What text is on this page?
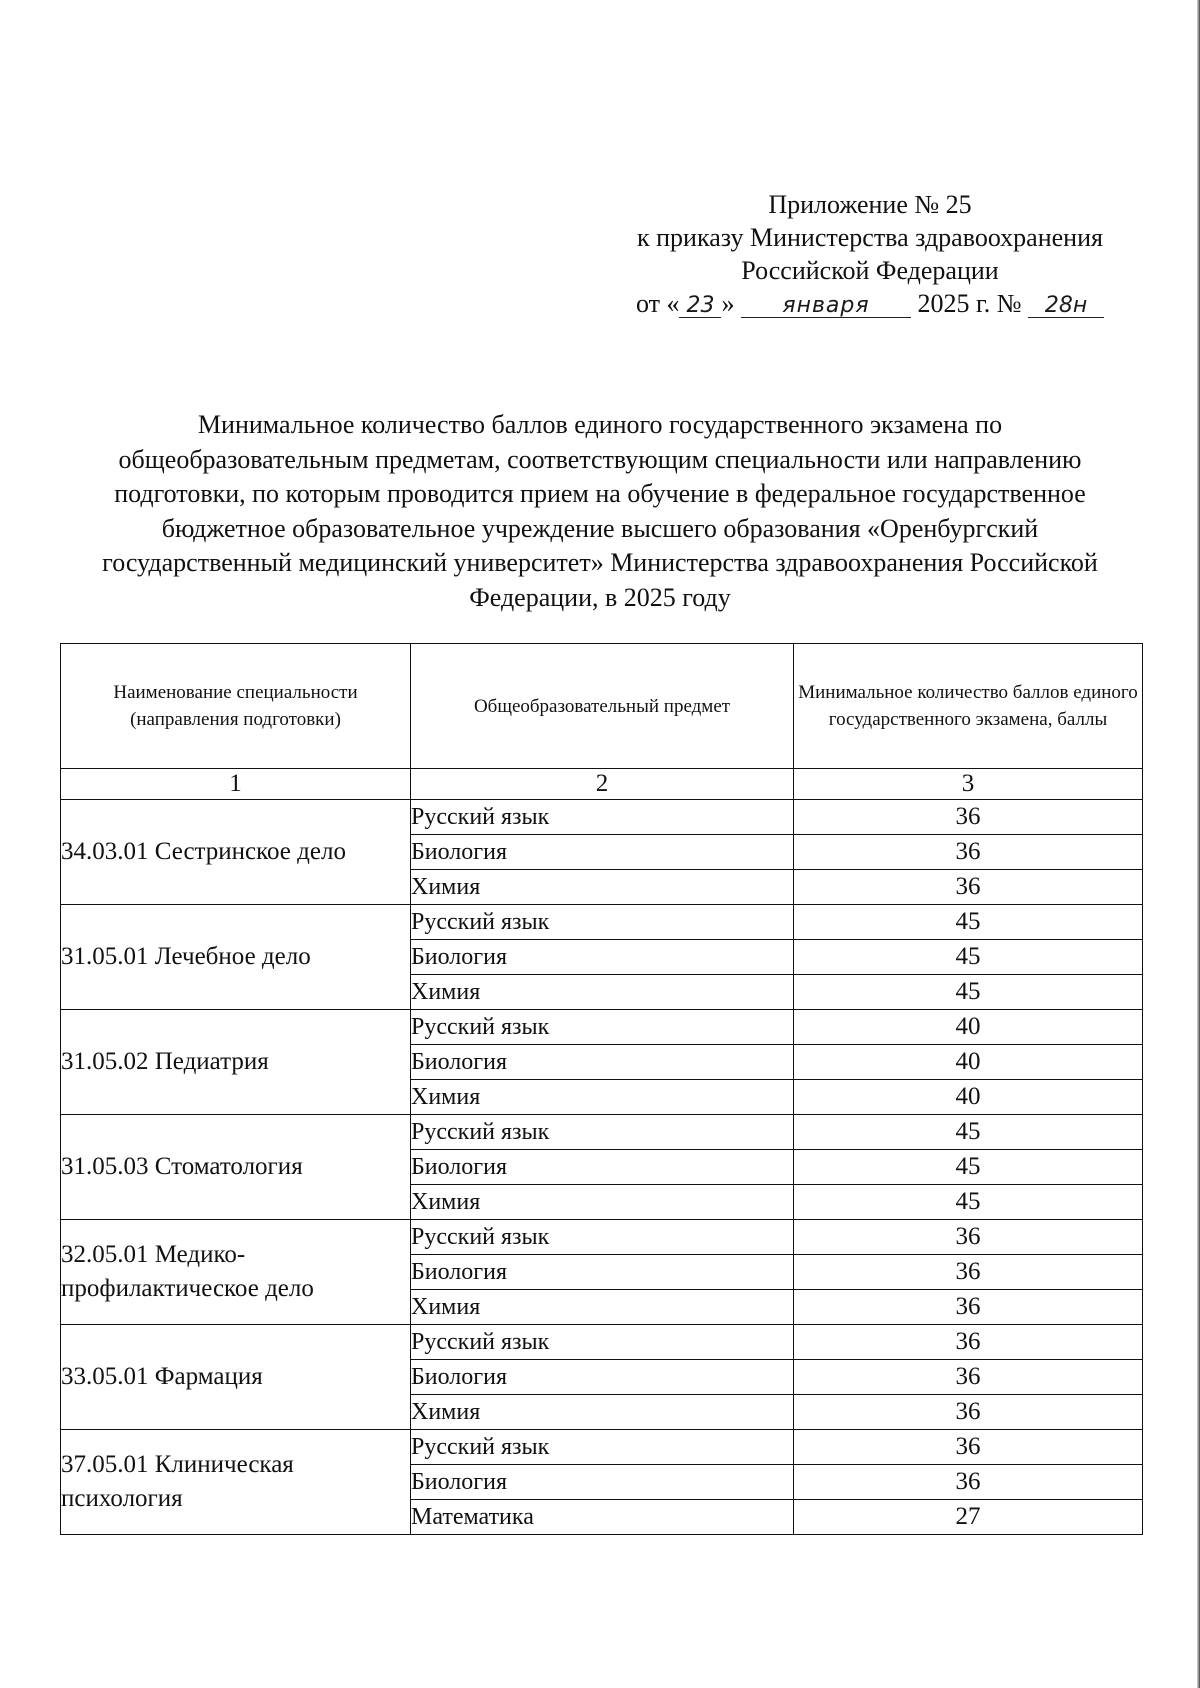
Приложение № 25
к приказу Министерства здравоохранения
Российской Федерации
от « 23 » января 2025 г. № 28н
Минимальное количество баллов единого государственного экзамена по
общеобразовательным предметам, соответствующим специальности или направлению
подготовки, по которым проводится прием на обучение в федеральное государственное
бюджетное образовательное учреждение высшего образования «Оренбургский
государственный медицинский университет» Министерства здравоохранения Российской
Федерации, в 2025 году
Наименование специальности (направления подготовки)	Общеобразовательный предмет	Минимальное количество баллов единого государственного экзамена, баллы
1	2	3
34.03.01 Сестринское дело	Русский язык	36
	Биология	36
	Химия	36
31.05.01 Лечебное дело	Русский язык	45
	Биология	45
	Химия	45
31.05.02 Педиатрия	Русский язык	40
	Биология	40
	Химия	40
31.05.03 Стоматология	Русский язык	45
	Биология	45
	Химия	45
32.05.01 Медико-профилактическое дело	Русский язык	36
	Биология	36
	Химия	36
33.05.01 Фармация	Русский язык	36
	Биология	36
	Химия	36
37.05.01 Клиническая психология	Русский язык	36
	Биология	36
	Математика	27
